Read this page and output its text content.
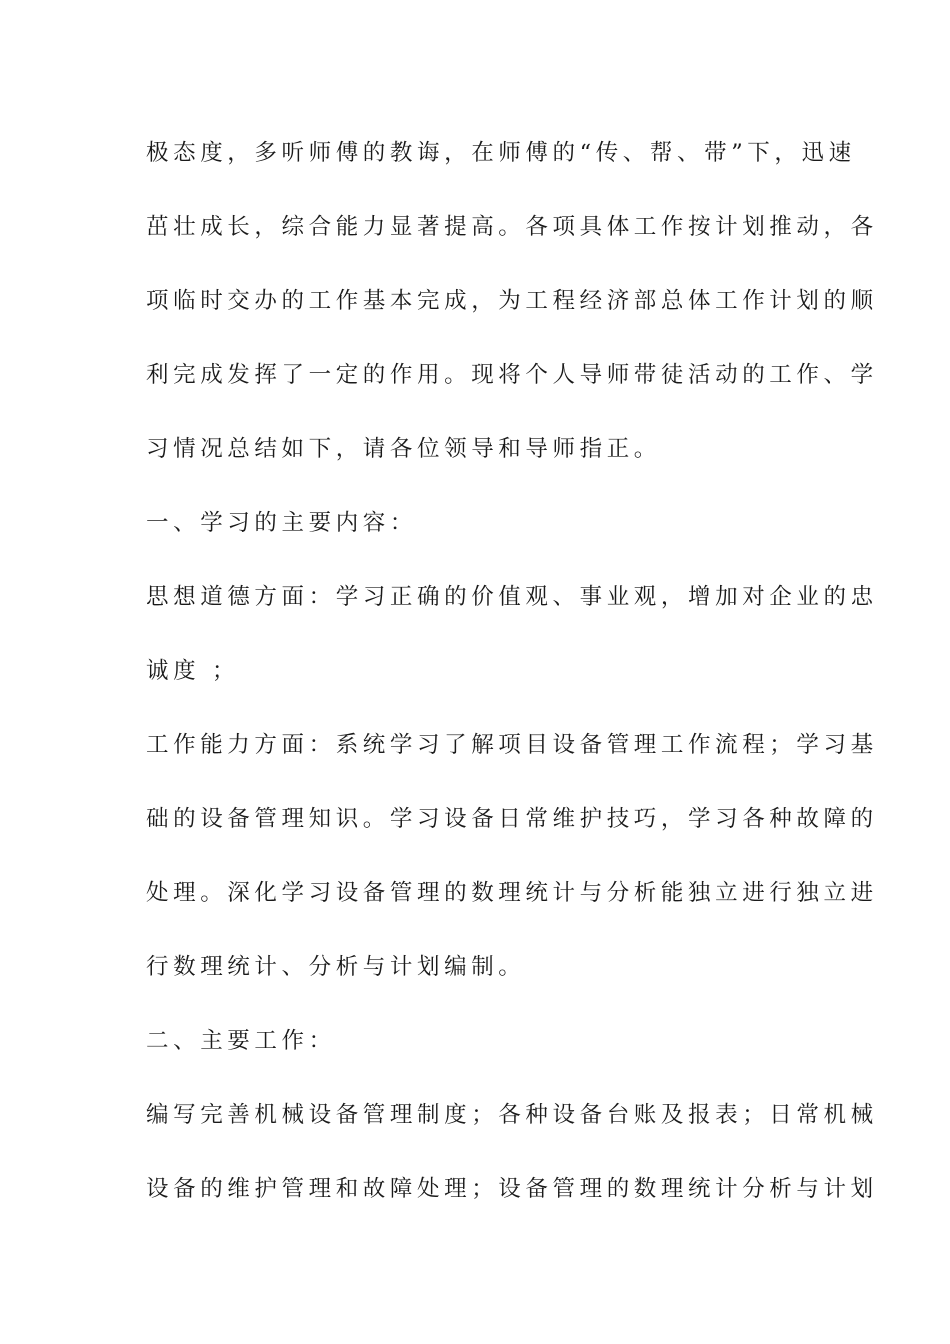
极态度，多听师傅的教诲，在师傅的“传、帮、带”下，迅速
茁壮成长，综合能力显著提高。各项具体工作按计划推动，各
项临时交办的工作基本完成，为工程经济部总体工作计划的顺
利完成发挥了一定的作用。现将个人导师带徒活动的工作、学
习情况总结如下，请各位领导和导师指正。
一、学习的主要内容：
思想道德方面：学习正确的价值观、事业观，增加对企业的忠
诚度 ；
工作能力方面：系统学习了解项目设备管理工作流程；学习基
础的设备管理知识。学习设备日常维护技巧，学习各种故障的
处理。深化学习设备管理的数理统计与分析能独立进行独立进
行数理统计、分析与计划编制。
二、主要工作：
编写完善机械设备管理制度；各种设备台账及报表；日常机械
设备的维护管理和故障处理；设备管理的数理统计分析与计划
